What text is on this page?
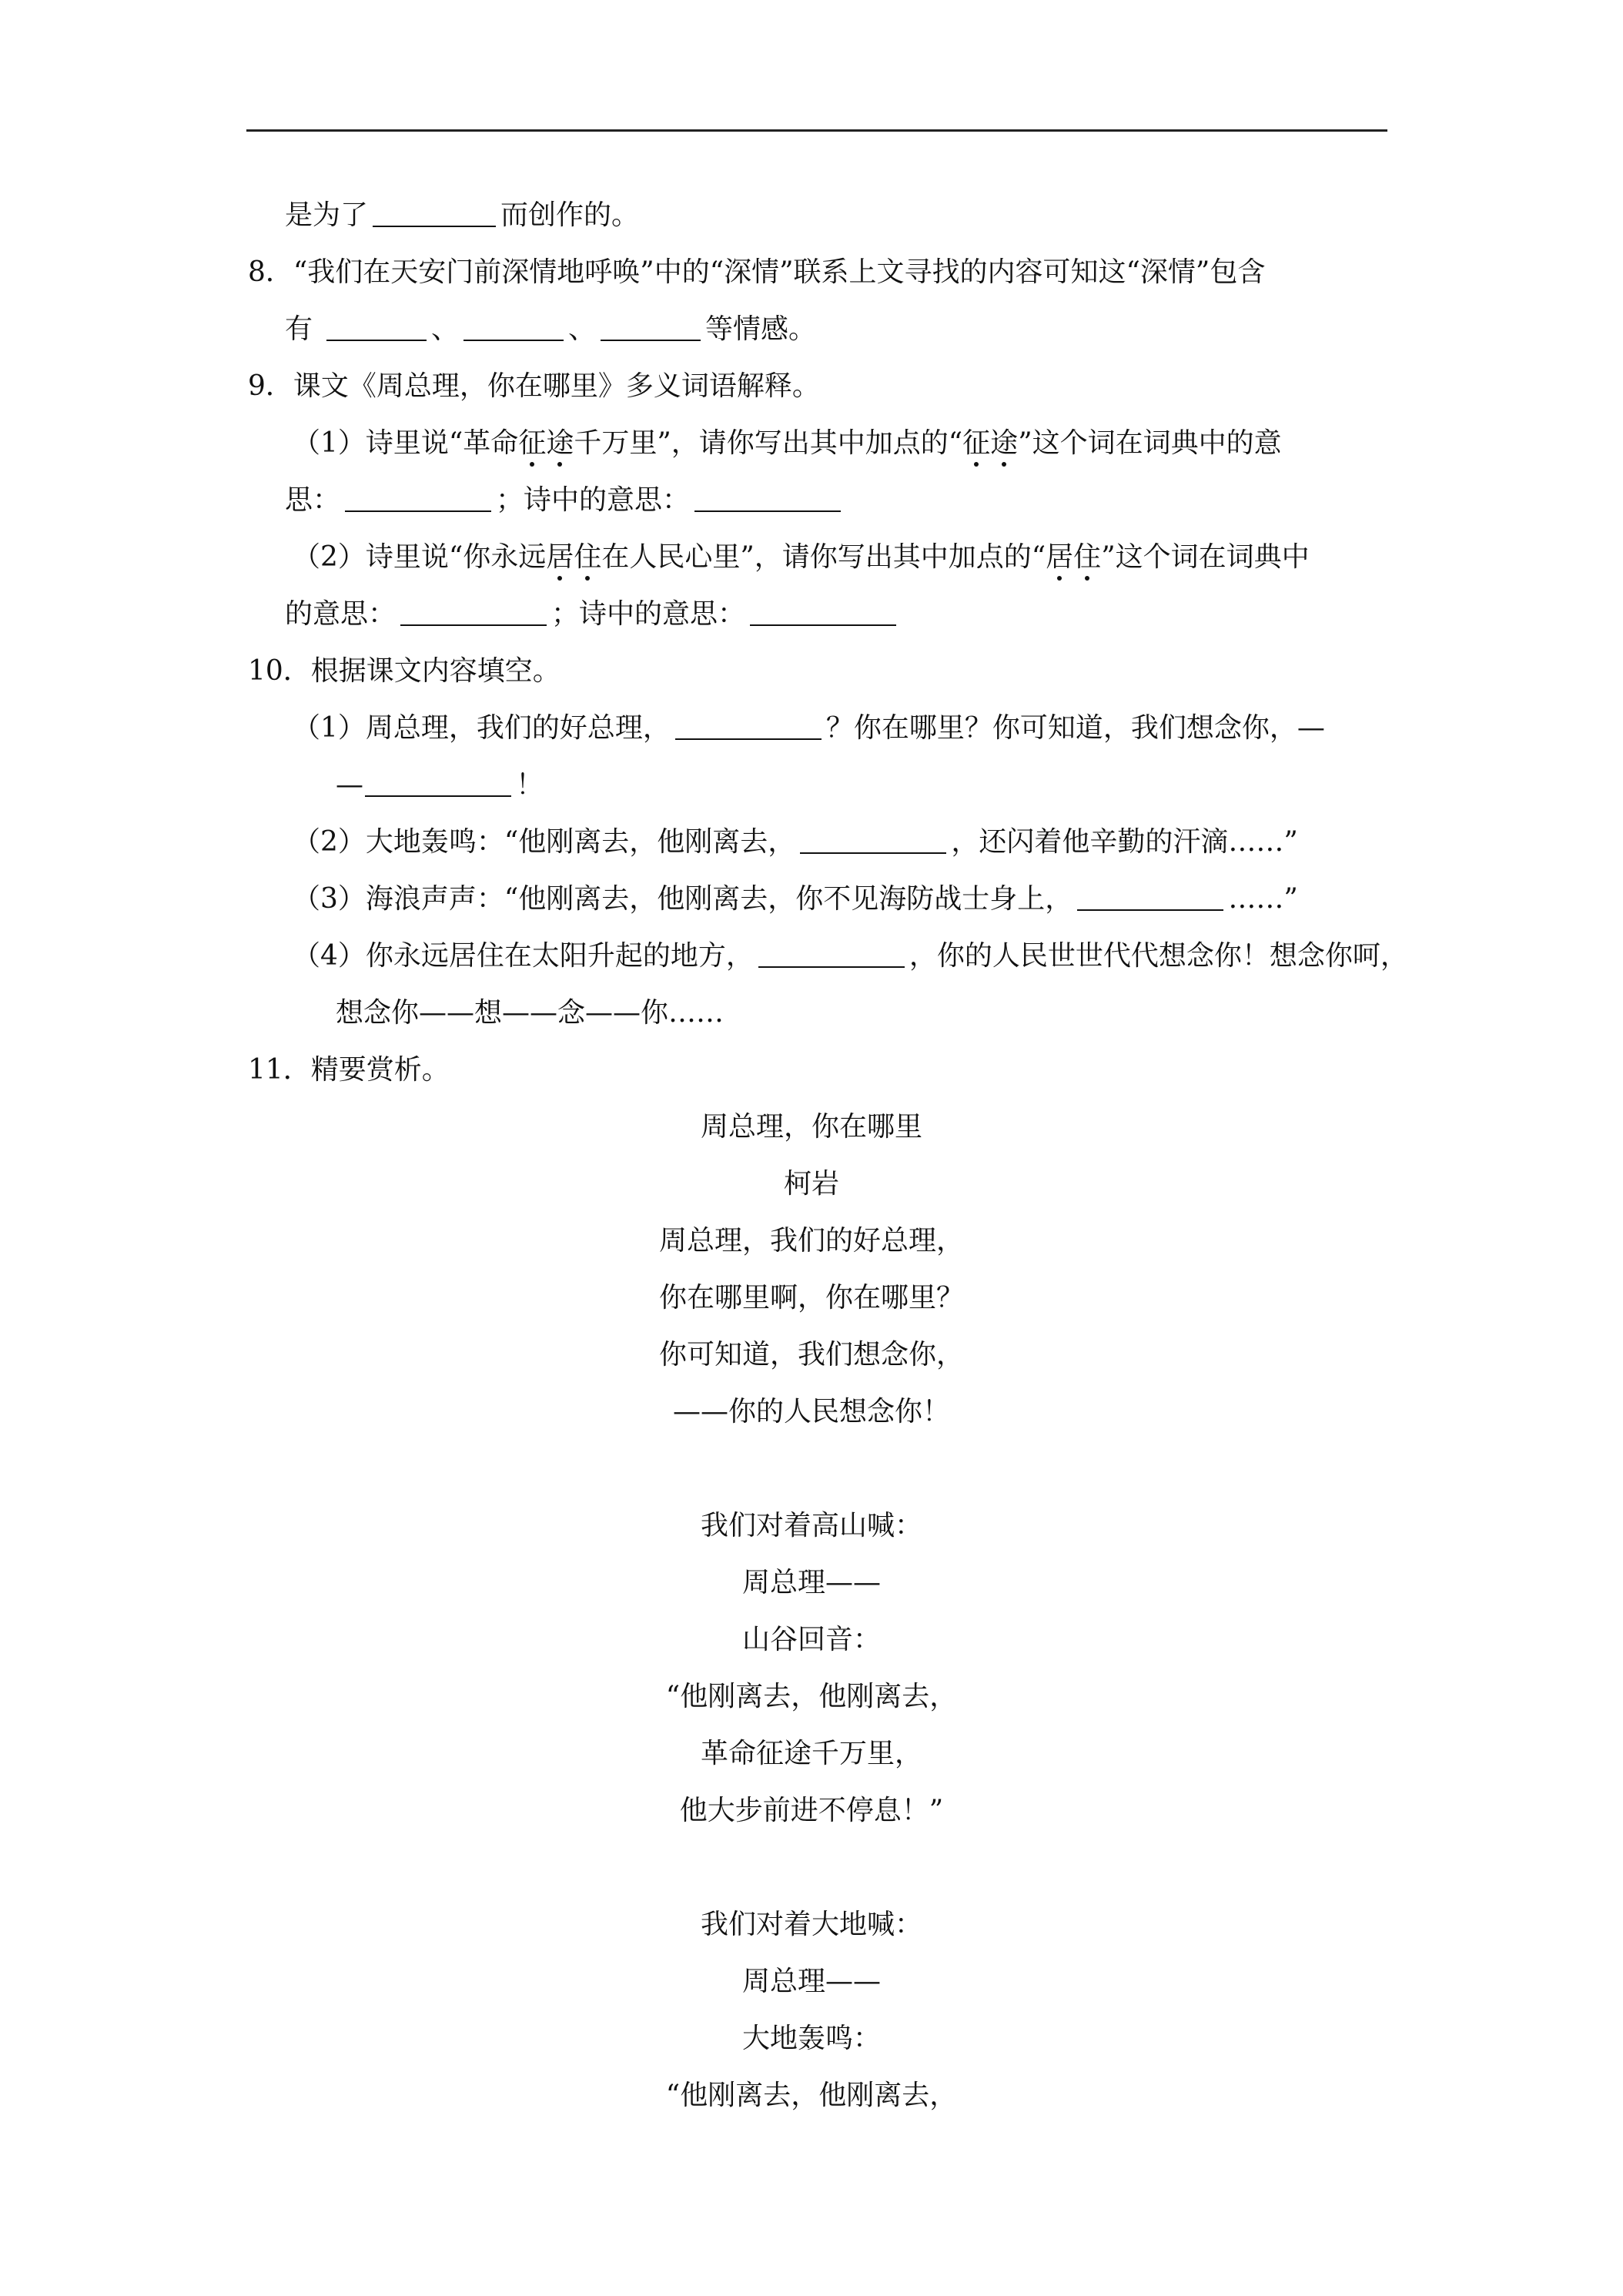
是为了	而创作的。
8．“我们在天安门前深情地呼唤”中的“深情”联系上文寻找的内容可知这“深情”包含
有	、	、	等情感。
9．课文《周总理，你在哪里》多义词语解释。
（1）诗里说“革命征途千万里”，请你写出其中加点的“征途”这个词在词典中的意
思：	；诗中的意思：
（2）诗里说“你永远居住在人民心里”，请你写出其中加点的“居住”这个词在词典中
的意思：	；诗中的意思：
10．根据课文内容填空。
（1）周总理，我们的好总理，	？你在哪里？你可知道，我们想念你，—
—	！
（2）大地轰鸣：“他刚离去，他刚离去，	，还闪着他辛勤的汗滴……”
（3）海浪声声：“他刚离去，他刚离去，你不见海防战士身上，	……”
（4）你永远居住在太阳升起的地方，	，你的人民世世代代想念你！想念你呵，
想念你——想——念——你……
11．精要赏析。
周总理，你在哪里
柯岩
周总理，我们的好总理，
你在哪里啊，你在哪里？
你可知道，我们想念你，
——你的人民想念你！
我们对着高山喊：
周总理——
山谷回音：
“他刚离去，他刚离去，
革命征途千万里，
他大步前进不停息！”
我们对着大地喊：
周总理——
大地轰鸣：
“他刚离去，他刚离去，
